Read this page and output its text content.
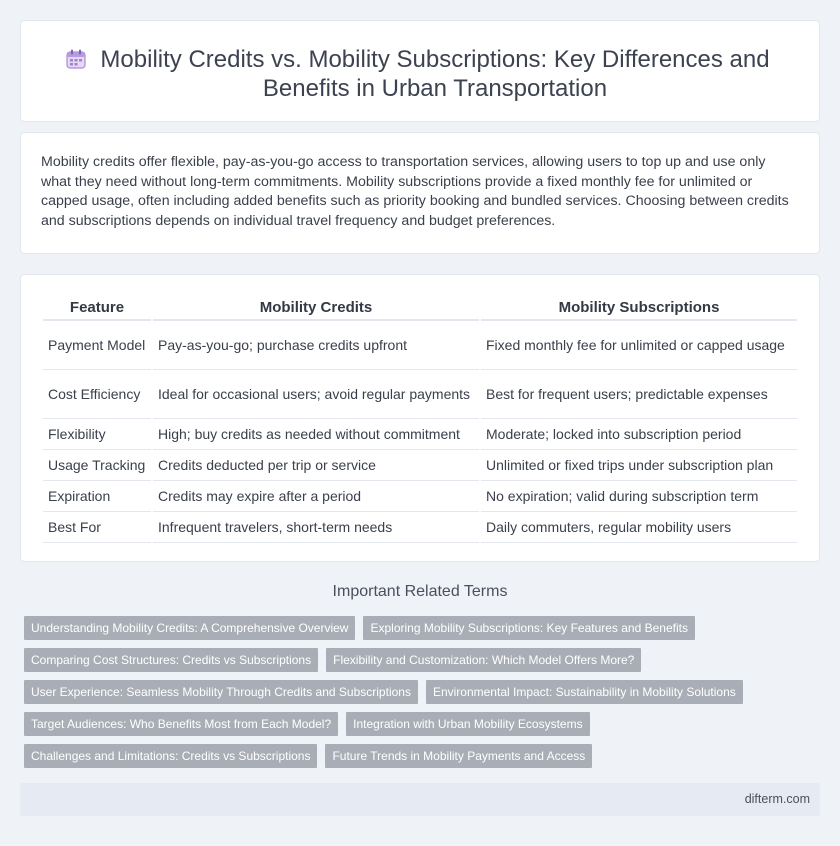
Mobility Credits vs. Mobility Subscriptions: Key Differences and Benefits in Urban Transportation

Mobility credits offer flexible, pay-as-you-go access to transportation services, allowing users to top up and use only what they need without long-term commitments. Mobility subscriptions provide a fixed monthly fee for unlimited or capped usage, often including added benefits such as priority booking and bundled services. Choosing between credits and subscriptions depends on individual travel frequency and budget preferences.

Feature	Mobility Credits	Mobility Subscriptions
Payment Model	Pay-as-you-go; purchase credits upfront	Fixed monthly fee for unlimited or capped usage
Cost Efficiency	Ideal for occasional users; avoid regular payments	Best for frequent users; predictable expenses
Flexibility	High; buy credits as needed without commitment	Moderate; locked into subscription period
Usage Tracking	Credits deducted per trip or service	Unlimited or fixed trips under subscription plan
Expiration	Credits may expire after a period	No expiration; valid during subscription term
Best For	Infrequent travelers, short-term needs	Daily commuters, regular mobility users
Important Related Terms
Understanding Mobility Credits: A Comprehensive Overview	Exploring Mobility Subscriptions: Key Features and Benefits
Comparing Cost Structures: Credits vs Subscriptions	Flexibility and Customization: Which Model Offers More?
User Experience: Seamless Mobility Through Credits and Subscriptions	Environmental Impact: Sustainability in Mobility Solutions
Target Audiences: Who Benefits Most from Each Model?	Integration with Urban Mobility Ecosystems
Challenges and Limitations: Credits vs Subscriptions	Future Trends in Mobility Payments and Access
difterm.com
